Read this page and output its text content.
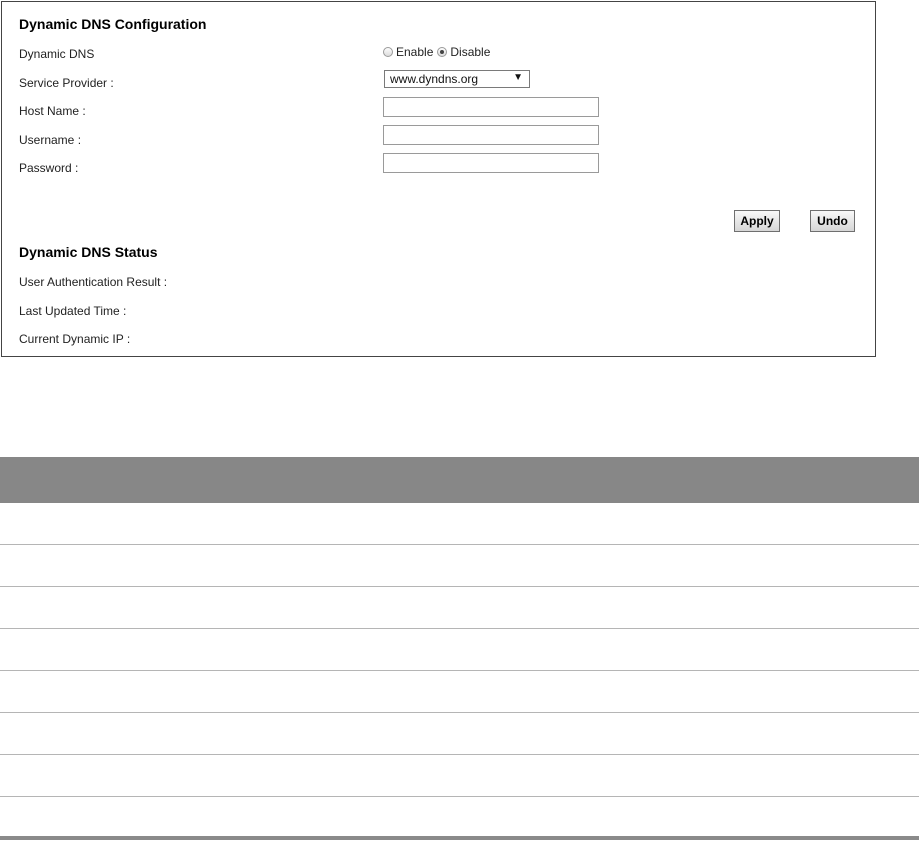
Dynamic DNS Configuration
Dynamic DNS	Enable Disable
Service Provider :	www.dyndns.org	▼
Host Name :
Username :
Password :
Apply	Undo
Dynamic DNS Status
User Authentication Result :
Last Updated Time :
Current Dynamic IP :
